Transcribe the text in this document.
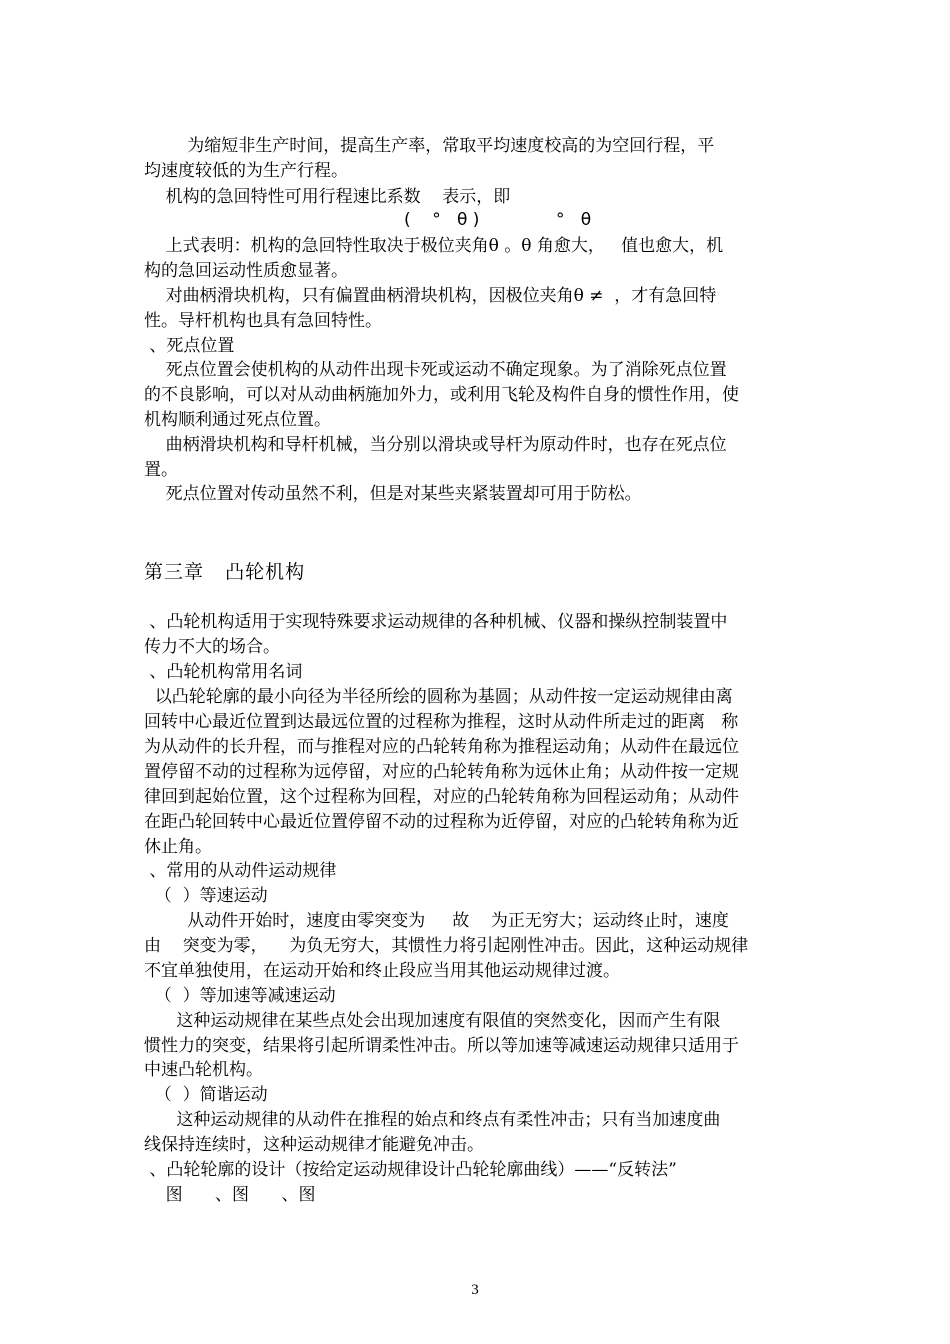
为缩短非生产时间，提高生产率，常取平均速度校高的为空回行程，平
均速度较低的为生产行程。
机构的急回特性可用行程速比系数    表示，即
(    °   θ )	°   θ
上式表明：机构的急回特性取决于极位夹角θ 。θ 角愈大，   值也愈大，机
构的急回运动性质愈显著。
对曲柄滑块机构，只有偏置曲柄滑块机构，因极位夹角θ ≠  ，才有急回特
性。导杆机构也具有急回特性。
、死点位置
死点位置会使机构的从动件出现卡死或运动不确定现象。为了消除死点位置
的不良影响，可以对从动曲柄施加外力，或利用飞轮及构件自身的惯性作用，使
机构顺利通过死点位置。
曲柄滑块机构和导杆机械，当分别以滑块或导杆为原动件时，也存在死点位
置。
死点位置对传动虽然不利，但是对某些夹紧装置却可用于防松。
第三章   凸轮机构
、凸轮机构适用于实现特殊要求运动规律的各种机械、仪器和操纵控制装置中
传力不大的场合。
、凸轮机构常用名词
以凸轮轮廓的最小向径为半径所绘的圆称为基圆；从动件按一定运动规律由离
回转中心最近位置到达最远位置的过程称为推程，这时从动件所走过的距离   称
为从动件的长升程，而与推程对应的凸轮转角称为推程运动角；从动件在最远位
置停留不动的过程称为远停留，对应的凸轮转角称为远休止角；从动件按一定规
律回到起始位置，这个过程称为回程，对应的凸轮转角称为回程运动角；从动件
在距凸轮回转中心最近位置停留不动的过程称为近停留，对应的凸轮转角称为近
休止角。
、常用的从动件运动规律
（  ）等速运动
从动件开始时，速度由零突变为     故    为正无穷大；运动终止时，速度
由    突变为零，    为负无穷大，其惯性力将引起刚性冲击。因此，这种运动规律
不宜单独使用，在运动开始和终止段应当用其他运动规律过渡。
（  ）等加速等减速运动
这种运动规律在某些点处会出现加速度有限值的突然变化，因而产生有限
惯性力的突变，结果将引起所谓柔性冲击。所以等加速等减速运动规律只适用于
中速凸轮机构。
（  ）简谐运动
这种运动规律的从动件在推程的始点和终点有柔性冲击；只有当加速度曲
线保持连续时，这种运动规律才能避免冲击。
、凸轮轮廓的设计（按给定运动规律设计凸轮轮廓曲线）——“反转法”
图      、图      、图
3
